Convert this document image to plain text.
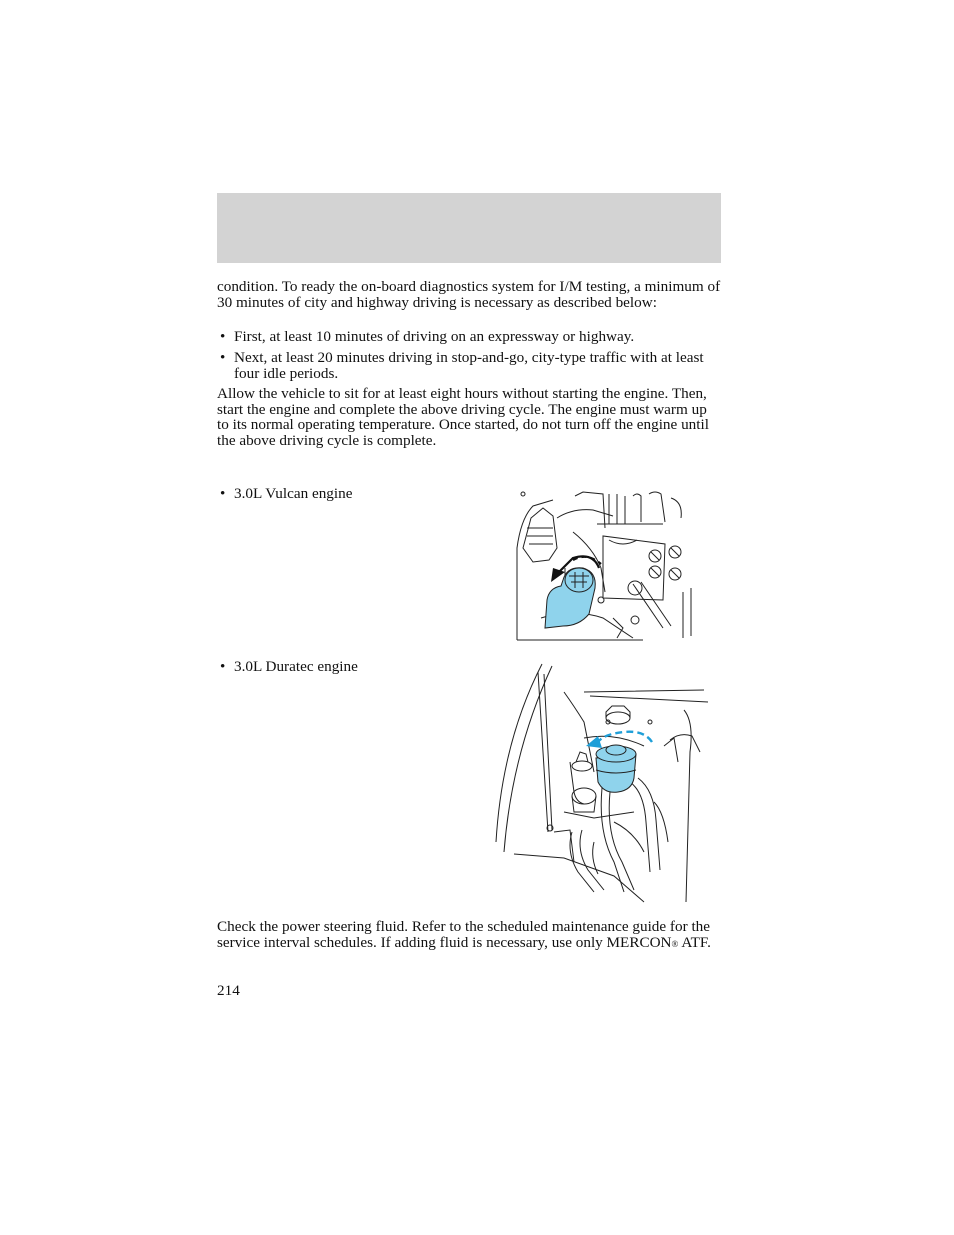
condition. To ready the on-board diagnostics system for I/M testing, a minimum of 30 minutes of city and highway driving is necessary as described below:
• First, at least 10 minutes of driving on an expressway or highway.
• Next, at least 20 minutes driving in stop-and-go, city-type traffic with at least four idle periods.
Allow the vehicle to sit for at least eight hours without starting the engine. Then, start the engine and complete the above driving cycle. The engine must warm up to its normal operating temperature. Once started, do not turn off the engine until the above driving cycle is complete.
• 3.0L Vulcan engine
• 3.0L Duratec engine
Check the power steering fluid. Refer to the scheduled maintenance guide for the service interval schedules. If adding fluid is necessary, use only MERCON® ATF.
214
